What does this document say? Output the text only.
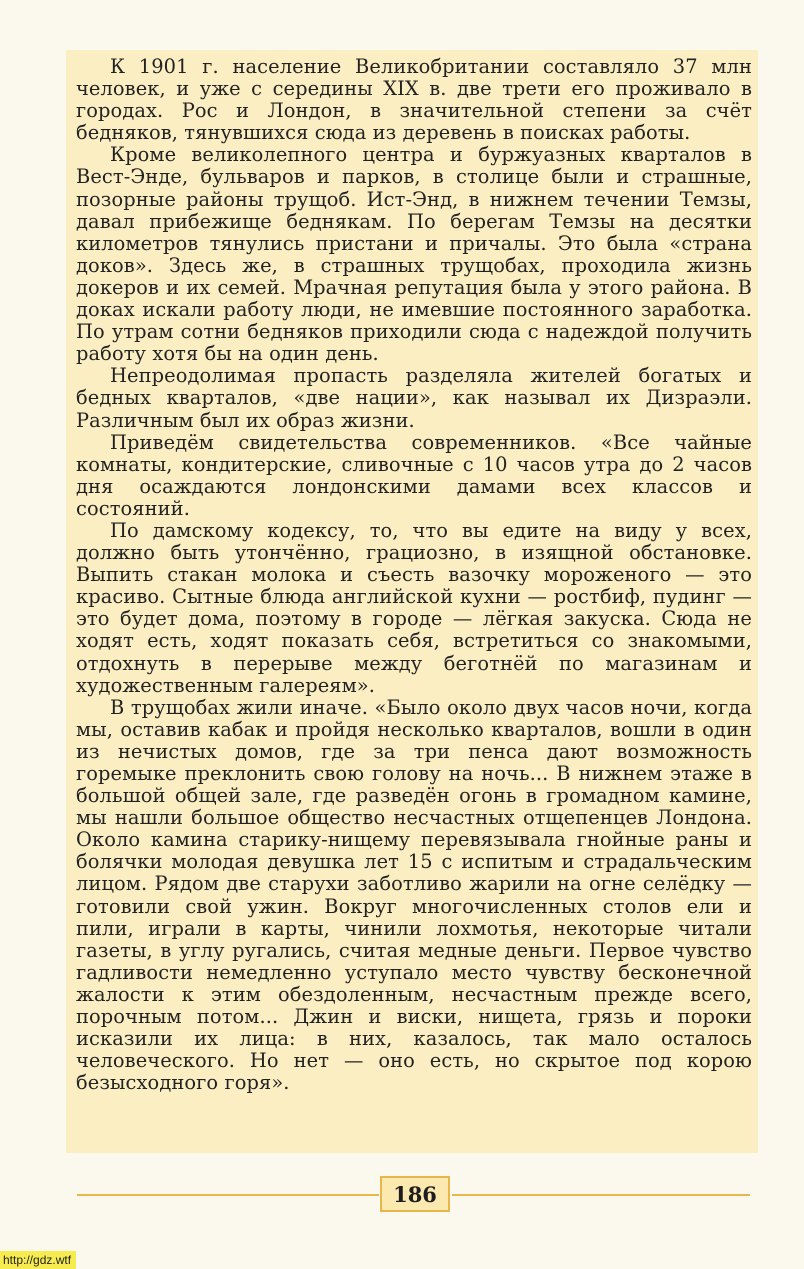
К 1901 г. население Великобритании составляло 37 млн человек, и уже с середины XIX в. две трети его проживало в городах. Рос и Лондон, в значительной степени за счёт бедняков, тянувшихся сюда из деревень в поисках работы.

Кроме великолепного центра и буржуазных кварталов в Вест-Энде, бульваров и парков, в столице были и страшные, позорные районы трущоб. Ист-Энд, в нижнем течении Темзы, давал прибежище беднякам. По берегам Темзы на десятки километров тянулись пристани и причалы. Это была «страна доков». Здесь же, в страшных трущобах, проходила жизнь докеров и их семей. Мрачная репутация была у этого района. В доках искали работу люди, не имевшие постоянного заработка. По утрам сотни бедняков приходили сюда с надеждой получить работу хотя бы на один день.

Непреодолимая пропасть разделяла жителей богатых и бедных кварталов, «две нации», как называл их Дизраэли. Различным был их образ жизни.

Приведём свидетельства современников. «Все чайные комнаты, кондитерские, сливочные с 10 часов утра до 2 часов дня осаждаются лондонскими дамами всех классов и состояний.

По дамскому кодексу, то, что вы едите на виду у всех, должно быть утончённо, грациозно, в изящной обстановке. Выпить стакан молока и съесть вазочку мороженого — это красиво. Сытные блюда английской кухни — ростбиф, пудинг — это будет дома, поэтому в городе — лёгкая закуска. Сюда не ходят есть, ходят показать себя, встретиться со знакомыми, отдохнуть в перерыве между беготнёй по магазинам и художественным галереям».

В трущобах жили иначе. «Было около двух часов ночи, когда мы, оставив кабак и пройдя несколько кварталов, вошли в один из нечистых домов, где за три пенса дают возможность горемыке преклонить свою голову на ночь... В нижнем этаже в большой общей зале, где разведён огонь в громадном камине, мы нашли большое общество несчастных отщепенцев Лондона. Около камина старику-нищему перевязывала гнойные раны и болячки молодая девушка лет 15 с испитым и страдальческим лицом. Рядом две старухи заботливо жарили на огне селёдку — готовили свой ужин. Вокруг многочисленных столов ели и пили, играли в карты, чинили лохмотья, некоторые читали газеты, в углу ругались, считая медные деньги. Первое чувство гадливости немедленно уступало место чувству бесконечной жалости к этим обездоленным, несчастным прежде всего, порочным потом... Джин и виски, нищета, грязь и пороки исказили их лица: в них, казалось, так мало осталось человеческого. Но нет — оно есть, но скрытое под корою безысходного горя».

186
http://gdz.wtf
